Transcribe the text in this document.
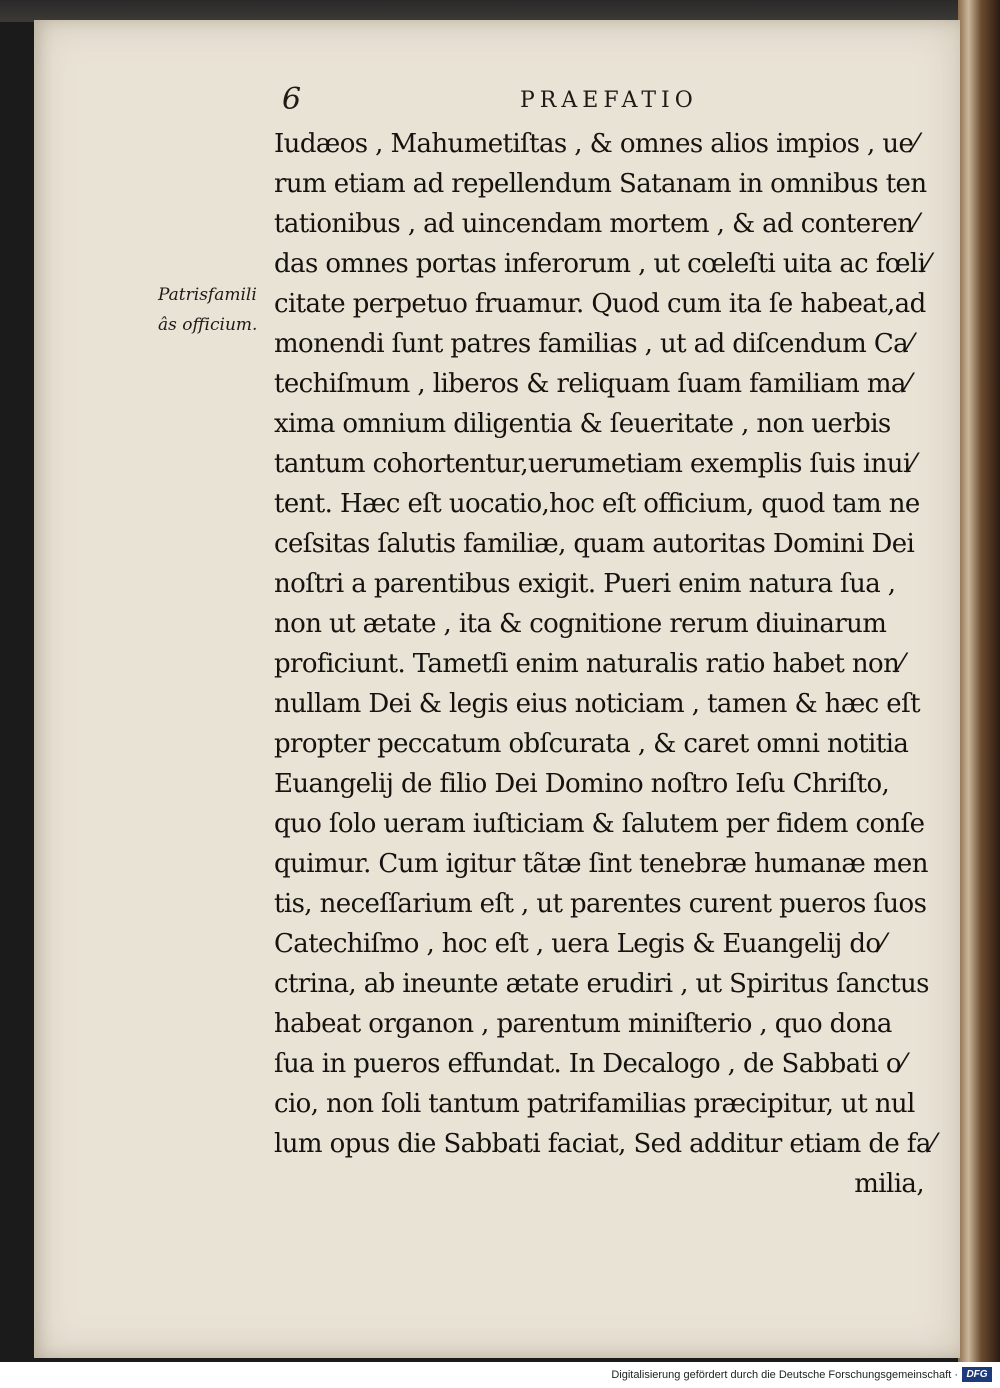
6	PRAEFATIO
Patrisfamili
âs officium.
Iudæos , Mahumetiſtas , & omnes alios impios , ue⁄
rum etiam ad repellendum Satanam in omnibus ten
tationibus , ad uincendam mortem , & ad conteren⁄
das omnes portas inferorum , ut cœleſti uita ac fœli⁄
citate perpetuo fruamur. Quod cum ita ſe habeat,ad
monendi ſunt patres familias , ut ad diſcendum Ca⁄
techiſmum , liberos & reliquam ſuam familiam ma⁄
xima omnium diligentia & ſeueritate , non uerbis
tantum cohortentur,uerumetiam exemplis ſuis inui⁄
tent. Hæc eſt uocatio,hoc eſt officium, quod tam ne
ceſsitas ſalutis familiæ, quam autoritas Domini Dei
noſtri a parentibus exigit. Pueri enim natura ſua ,
non ut ætate , ita & cognitione rerum diuinarum
proficiunt. Tametſi enim naturalis ratio habet non⁄
nullam Dei & legis eius noticiam , tamen & hæc eſt
propter peccatum obſcurata , & caret omni notitia
Euangelij de filio Dei Domino noſtro Ieſu Chriſto,
quo ſolo ueram iuſticiam & ſalutem per fidem conſe
quimur. Cum igitur tãtæ ſint tenebræ humanæ men
tis, neceſſarium eſt , ut parentes curent pueros ſuos
Catechiſmo , hoc eſt , uera Legis & Euangelij do⁄
ctrina, ab ineunte ætate erudiri , ut Spiritus ſanctus
habeat organon , parentum miniſterio , quo dona
ſua in pueros effundat. In Decalogo , de Sabbati o⁄
cio, non ſoli tantum patrifamilias præcipitur, ut nul
lum opus die Sabbati faciat, Sed additur etiam de fa⁄
milia,
Digitalisierung gefördert durch die Deutsche Forschungsgemeinschaft · DFG
